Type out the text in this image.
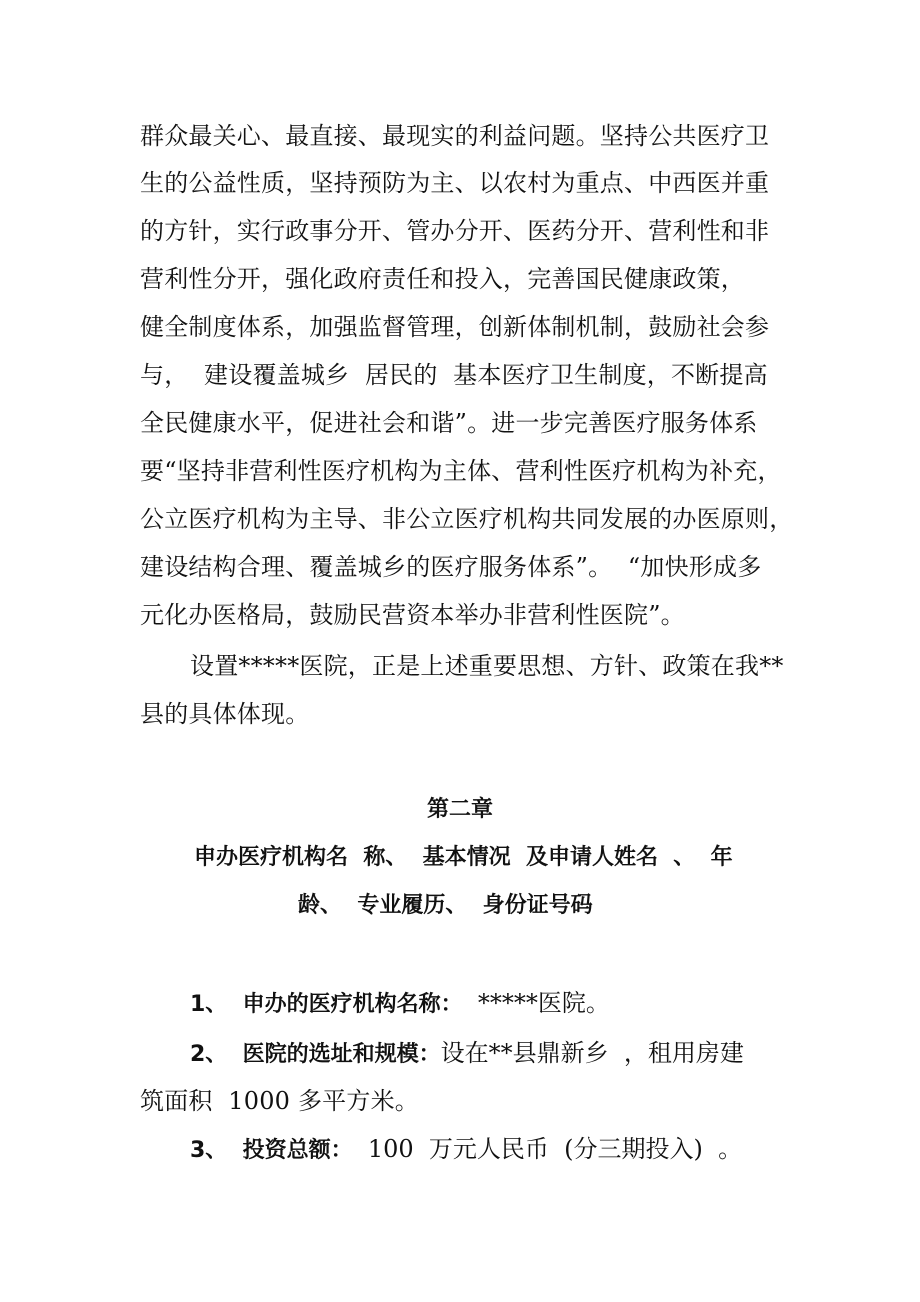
群众最关心、最直接、最现实的利益问题。坚持公共医疗卫
生的公益性质，坚持预防为主、以农村为重点、中西医并重
的方针，实行政事分开、管办分开、医药分开、营利性和非
营利性分开，强化政府责任和投入，完善国民健康政策，
健全制度体系，加强监督管理，创新体制机制，鼓励社会参
与，  建设覆盖城乡  居民的  基本医疗卫生制度，不断提高
全民健康水平，促进社会和谐”。进一步完善医疗服务体系
要“坚持非营利性医疗机构为主体、营利性医疗机构为补充，
公立医疗机构为主导、非公立医疗机构共同发展的办医原则，
建设结构合理、覆盖城乡的医疗服务体系”。  “加快形成多
元化办医格局，鼓励民营资本举办非营利性医院”。
设置*****医院，正是上述重要思想、方针、政策在我**
县的具体体现。
第二章
申办医疗机构名  称、  基本情况  及申请人姓名  、  年
龄、  专业履历、  身份证号码
1、 申办的医疗机构名称：  *****医院。
2、 医院的选址和规模：设在**县鼎新乡  ，租用房建
筑面积  1000 多平方米。
3、 投资总额：  100  万元人民币  (分三期投入)  。
